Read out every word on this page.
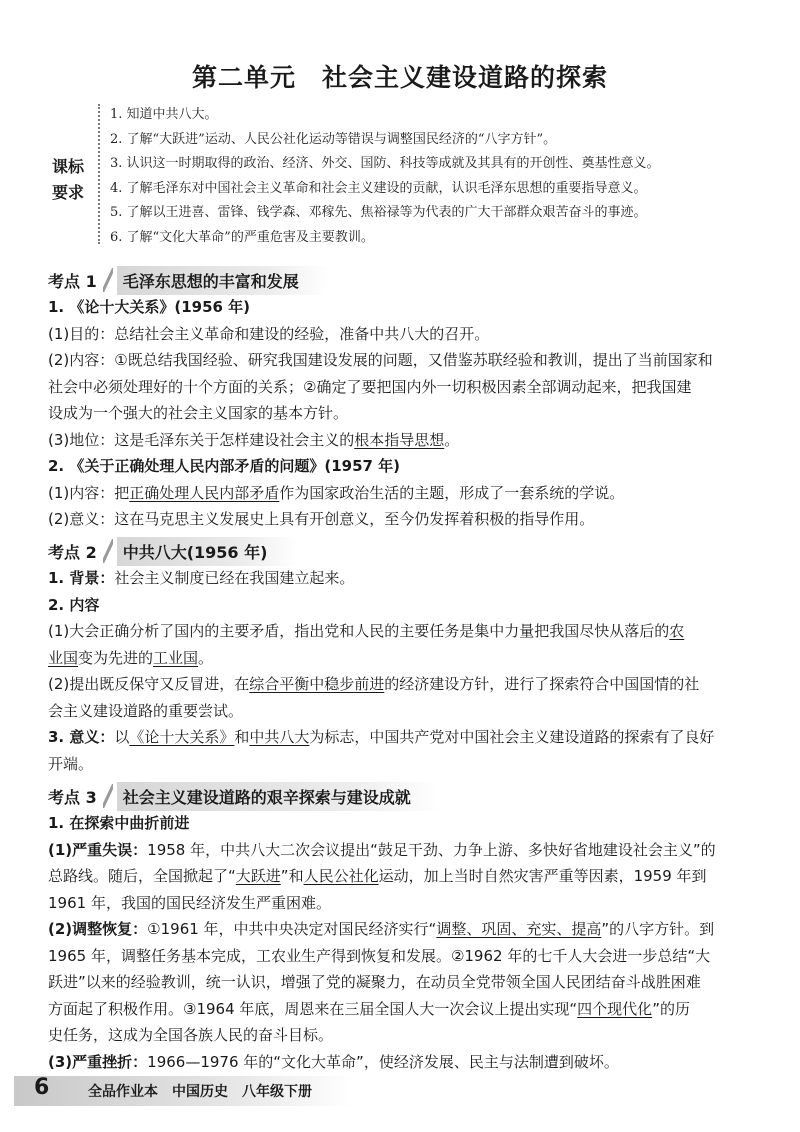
第二单元　社会主义建设道路的探索
课标
要求
1. 知道中共八大。
2. 了解“大跃进”运动、人民公社化运动等错误与调整国民经济的“八字方针”。
3. 认识这一时期取得的政治、经济、外交、国防、科技等成就及其具有的开创性、奠基性意义。
4. 了解毛泽东对中国社会主义革命和社会主义建设的贡献，认识毛泽东思想的重要指导意义。
5. 了解以王进喜、雷锋、钱学森、邓稼先、焦裕禄等为代表的广大干部群众艰苦奋斗的事迹。
6. 了解“文化大革命”的严重危害及主要教训。
考点 1	毛泽东思想的丰富和发展
1. 《论十大关系》(1956 年)
(1)目的：总结社会主义革命和建设的经验，准备中共八大的召开。
(2)内容：①既总结我国经验、研究我国建设发展的问题，又借鉴苏联经验和教训，提出了当前国家和
社会中必须处理好的十个方面的关系；②确定了要把国内外一切积极因素全部调动起来，把我国建
设成为一个强大的社会主义国家的基本方针。
(3)地位：这是毛泽东关于怎样建设社会主义的根本指导思想。
2. 《关于正确处理人民内部矛盾的问题》(1957 年)
(1)内容：把正确处理人民内部矛盾作为国家政治生活的主题，形成了一套系统的学说。
(2)意义：这在马克思主义发展史上具有开创意义，至今仍发挥着积极的指导作用。
考点 2	中共八大(1956 年)
1. 背景：社会主义制度已经在我国建立起来。
2. 内容
(1)大会正确分析了国内的主要矛盾，指出党和人民的主要任务是集中力量把我国尽快从落后的农
业国变为先进的工业国。
(2)提出既反保守又反冒进，在综合平衡中稳步前进的经济建设方针，进行了探索符合中国国情的社
会主义建设道路的重要尝试。
3. 意义：以《论十大关系》和中共八大为标志，中国共产党对中国社会主义建设道路的探索有了良好
开端。
考点 3	社会主义建设道路的艰辛探索与建设成就
1. 在探索中曲折前进
(1)严重失误：1958 年，中共八大二次会议提出“鼓足干劲、力争上游、多快好省地建设社会主义”的
总路线。随后，全国掀起了“大跃进”和人民公社化运动，加上当时自然灾害严重等因素，1959 年到
1961 年，我国的国民经济发生严重困难。
(2)调整恢复：①1961 年，中共中央决定对国民经济实行“调整、巩固、充实、提高”的八字方针。到
1965 年，调整任务基本完成，工农业生产得到恢复和发展。②1962 年的七千人大会进一步总结“大
跃进”以来的经验教训，统一认识，增强了党的凝聚力，在动员全党带领全国人民团结奋斗战胜困难
方面起了积极作用。③1964 年底，周恩来在三届全国人大一次会议上提出实现“四个现代化”的历
史任务，这成为全国各族人民的奋斗目标。
(3)严重挫折：1966—1976 年的“文化大革命”，使经济发展、民主与法制遭到破坏。
6	全品作业本　中国历史　八年级下册
